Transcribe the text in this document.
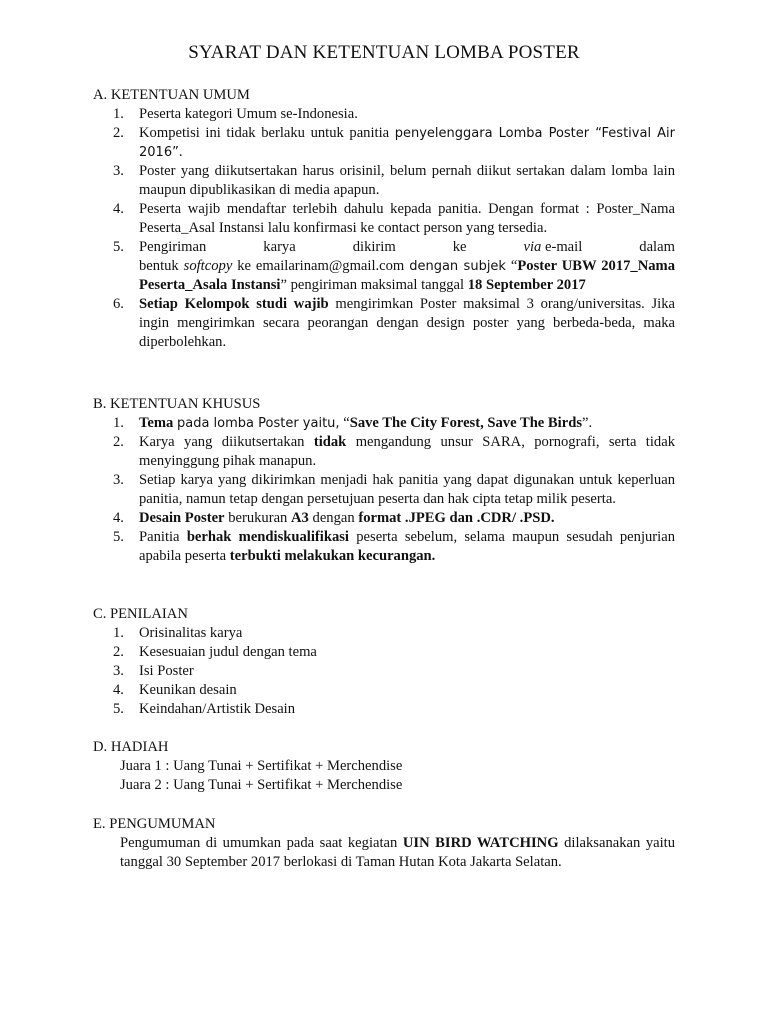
SYARAT DAN KETENTUAN LOMBA POSTER
A. KETENTUAN UMUM
1. Peserta kategori Umum se-Indonesia.
2. Kompetisi ini tidak berlaku untuk panitia penyelenggara Lomba Poster “Festival Air 2016”.
3. Poster yang diikutsertakan harus orisinil, belum pernah diikut sertakan dalam lomba lain maupun dipublikasikan di media apapun.
4. Peserta wajib mendaftar terlebih dahulu kepada panitia. Dengan format : Poster_Nama Peserta_Asal Instansi lalu konfirmasi ke contact person yang tersedia.
5. Pengiriman	karya	dikirim	ke	via e-mail	dalam
bentuk softcopy ke emailarinam@gmail.com dengan subjek “Poster UBW 2017_Nama Peserta_Asala Instansi” pengiriman maksimal tanggal 18 September 2017
6. Setiap Kelompok studi wajib mengirimkan Poster maksimal 3 orang/universitas. Jika ingin mengirimkan secara peorangan dengan design poster yang berbeda-beda, maka diperbolehkan.
B. KETENTUAN KHUSUS
1. Tema pada lomba Poster yaitu, “Save The City Forest, Save The Birds”.
2. Karya yang diikutsertakan tidak mengandung unsur SARA, pornografi, serta tidak menyinggung pihak manapun.
3. Setiap karya yang dikirimkan menjadi hak panitia yang dapat digunakan untuk keperluan panitia, namun tetap dengan persetujuan peserta dan hak cipta tetap milik peserta.
4. Desain Poster berukuran A3 dengan format .JPEG dan .CDR/ .PSD.
5. Panitia berhak mendiskualifikasi peserta sebelum, selama maupun sesudah penjurian apabila peserta terbukti melakukan kecurangan.
C. PENILAIAN
1. Orisinalitas karya
2. Kesesuaian judul dengan tema
3. Isi Poster
4. Keunikan desain
5. Keindahan/Artistik Desain
D. HADIAH
Juara 1 : Uang Tunai + Sertifikat + Merchendise
Juara 2 : Uang Tunai + Sertifikat + Merchendise
E. PENGUMUMAN
Pengumuman di umumkan pada saat kegiatan UIN BIRD WATCHING dilaksanakan yaitu tanggal 30 September 2017 berlokasi di Taman Hutan Kota Jakarta Selatan.
